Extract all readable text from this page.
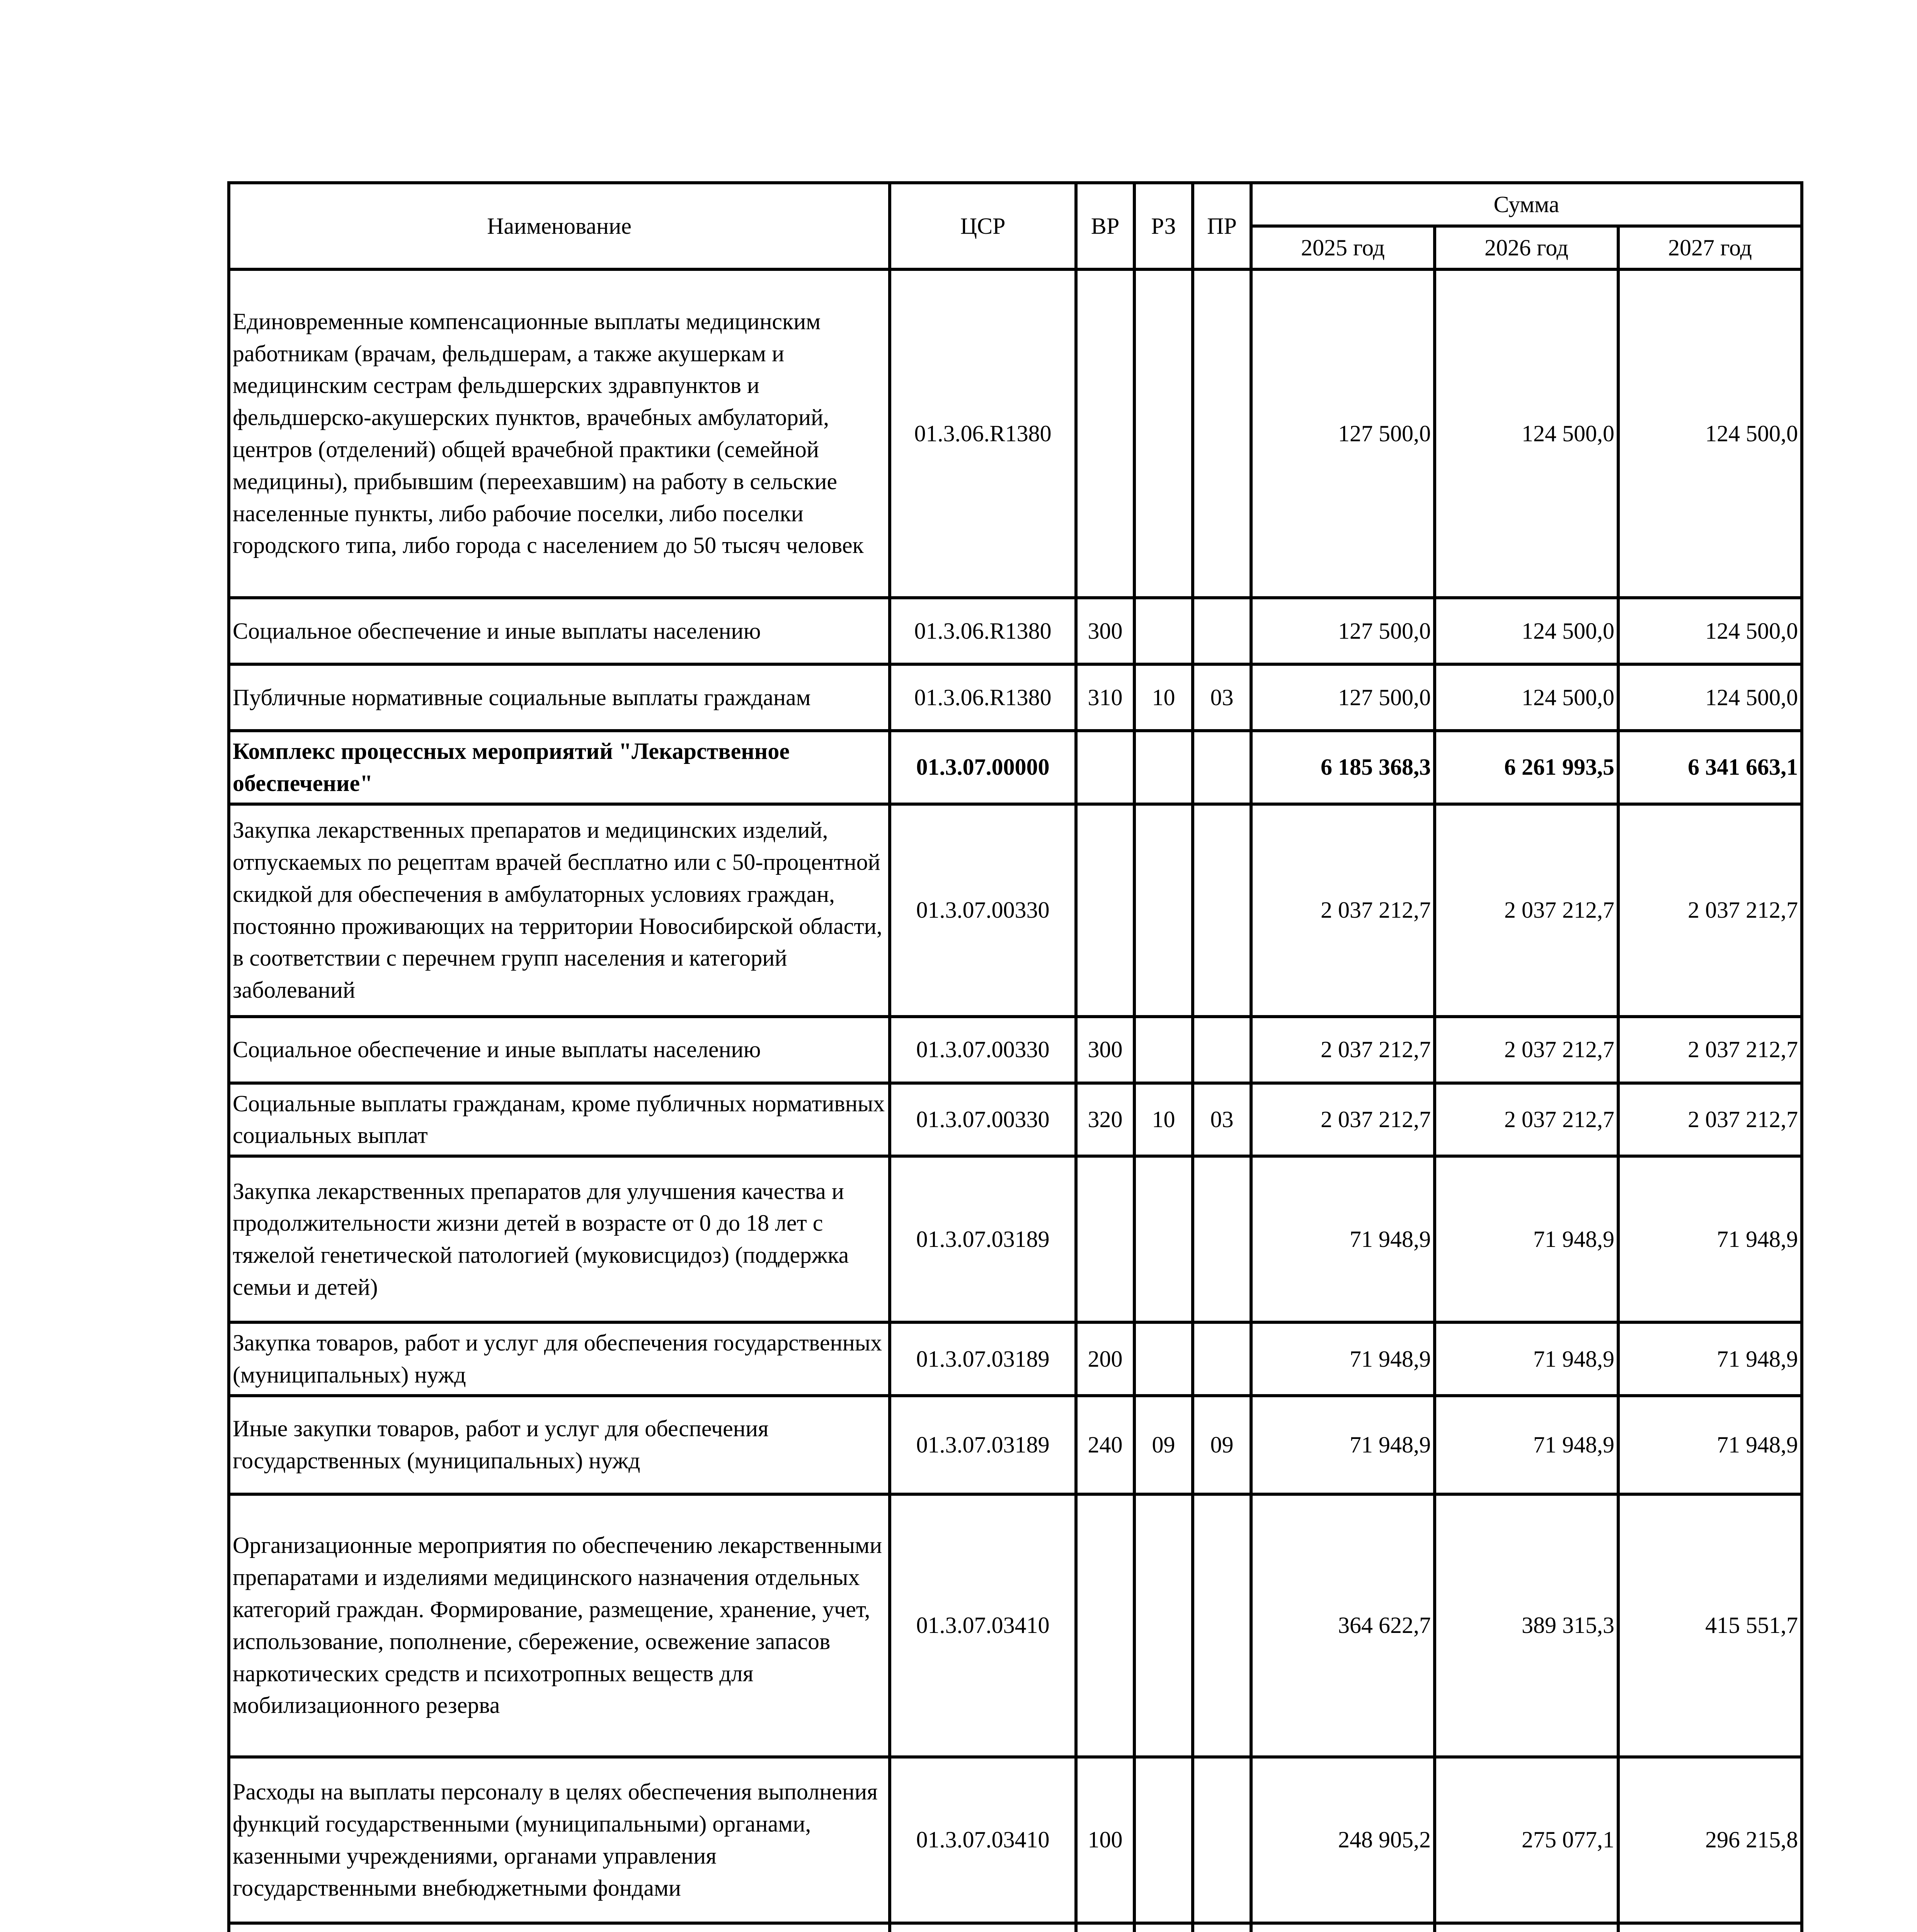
Наименование	ЦСР	ВР	РЗ	ПР	Сумма		
					2025 год	2026 год	2027 год
Единовременные компенсационные выплаты медицинским работникам (врачам, фельдшерам, а также акушеркам и медицинским сестрам фельдшерских здравпунктов и фельдшерско-акушерских пунктов, врачебных амбулаторий, центров (отделений) общей врачебной практики (семейной медицины), прибывшим (переехавшим) на работу в сельские населенные пункты, либо рабочие поселки, либо поселки городского типа, либо города с населением до 50 тысяч человек	01.3.06.R1380				127 500,0	124 500,0	124 500,0
Социальное обеспечение и иные выплаты населению	01.3.06.R1380	300			127 500,0	124 500,0	124 500,0
Публичные нормативные социальные выплаты гражданам	01.3.06.R1380	310	10	03	127 500,0	124 500,0	124 500,0
Комплекс процессных мероприятий "Лекарственное обеспечение"	01.3.07.00000				6 185 368,3	6 261 993,5	6 341 663,1
Закупка лекарственных препаратов и медицинских изделий, отпускаемых по рецептам врачей бесплатно или с 50-процентной скидкой для обеспечения в амбулаторных условиях граждан, постоянно проживающих на территории Новосибирской области, в соответствии с перечнем групп населения и категорий заболеваний	01.3.07.00330				2 037 212,7	2 037 212,7	2 037 212,7
Социальное обеспечение и иные выплаты населению	01.3.07.00330	300			2 037 212,7	2 037 212,7	2 037 212,7
Социальные выплаты гражданам, кроме публичных нормативных социальных выплат	01.3.07.00330	320	10	03	2 037 212,7	2 037 212,7	2 037 212,7
Закупка лекарственных препаратов для улучшения качества и продолжительности жизни детей в возрасте от 0 до 18 лет с тяжелой генетической патологией (муковисцидоз) (поддержка семьи и детей)	01.3.07.03189				71 948,9	71 948,9	71 948,9
Закупка товаров, работ и услуг для обеспечения государственных (муниципальных) нужд	01.3.07.03189	200			71 948,9	71 948,9	71 948,9
Иные закупки товаров, работ и услуг для обеспечения государственных (муниципальных) нужд	01.3.07.03189	240	09	09	71 948,9	71 948,9	71 948,9
Организационные мероприятия по обеспечению лекарственными препаратами и изделиями медицинского назначения отдельных категорий граждан. Формирование, размещение, хранение, учет, использование, пополнение, сбережение, освежение запасов наркотических средств и психотропных веществ для мобилизационного резерва	01.3.07.03410				364 622,7	389 315,3	415 551,7
Расходы на выплаты персоналу в целях обеспечения выполнения функций государственными (муниципальными) органами, казенными учреждениями, органами управления государственными внебюджетными фондами	01.3.07.03410	100			248 905,2	275 077,1	296 215,8
